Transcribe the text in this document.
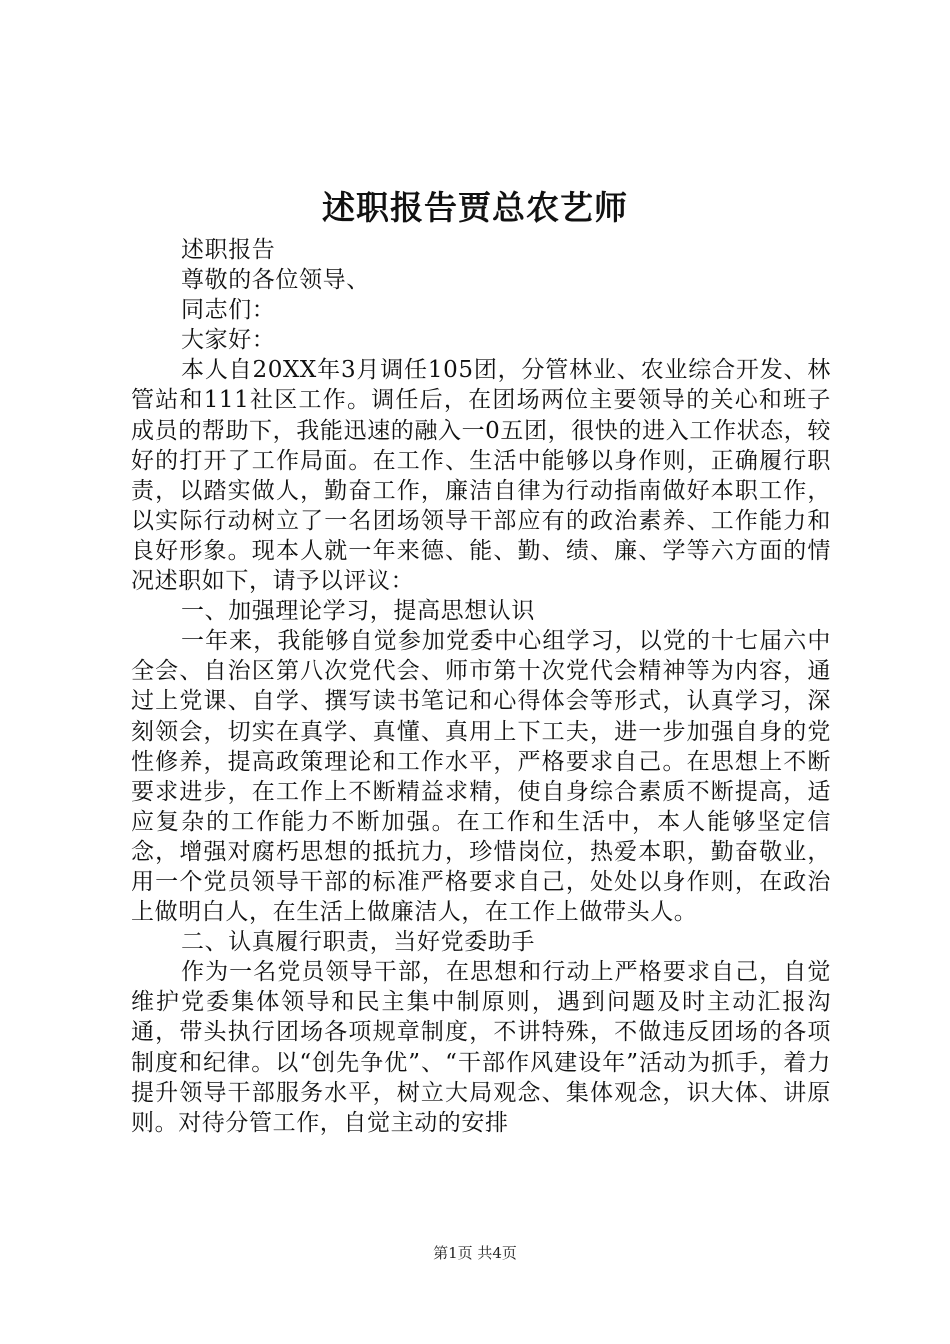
述职报告贾总农艺师

述职报告

尊敬的各位领导、

同志们：

大家好：

本人自20XX年3月调任105团，分管林业、农业综合开发、林管站和111社区工作。调任后，在团场两位主要领导的关心和班子成员的帮助下，我能迅速的融入一0五团，很快的进入工作状态，较好的打开了工作局面。在工作、生活中能够以身作则，正确履行职责，以踏实做人，勤奋工作，廉洁自律为行动指南做好本职工作，以实际行动树立了一名团场领导干部应有的政治素养、工作能力和良好形象。现本人就一年来德、能、勤、绩、廉、学等六方面的情况述职如下，请予以评议：

一、加强理论学习，提高思想认识

一年来，我能够自觉参加党委中心组学习，以党的十七届六中全会、自治区第八次党代会、师市第十次党代会精神等为内容，通过上党课、自学、撰写读书笔记和心得体会等形式，认真学习，深刻领会，切实在真学、真懂、真用上下工夫，进一步加强自身的党性修养，提高政策理论和工作水平，严格要求自己。在思想上不断要求进步，在工作上不断精益求精，使自身综合素质不断提高，适应复杂的工作能力不断加强。在工作和生活中，本人能够坚定信念，增强对腐朽思想的抵抗力，珍惜岗位，热爱本职，勤奋敬业，用一个党员领导干部的标准严格要求自己，处处以身作则，在政治上做明白人，在生活上做廉洁人，在工作上做带头人。

二、认真履行职责，当好党委助手

作为一名党员领导干部，在思想和行动上严格要求自己，自觉维护党委集体领导和民主集中制原则，遇到问题及时主动汇报沟通，带头执行团场各项规章制度，不讲特殊，不做违反团场的各项制度和纪律。以“创先争优”、“干部作风建设年”活动为抓手，着力提升领导干部服务水平，树立大局观念、集体观念，识大体、讲原则。对待分管工作，自觉主动的安排

第1页 共4页
